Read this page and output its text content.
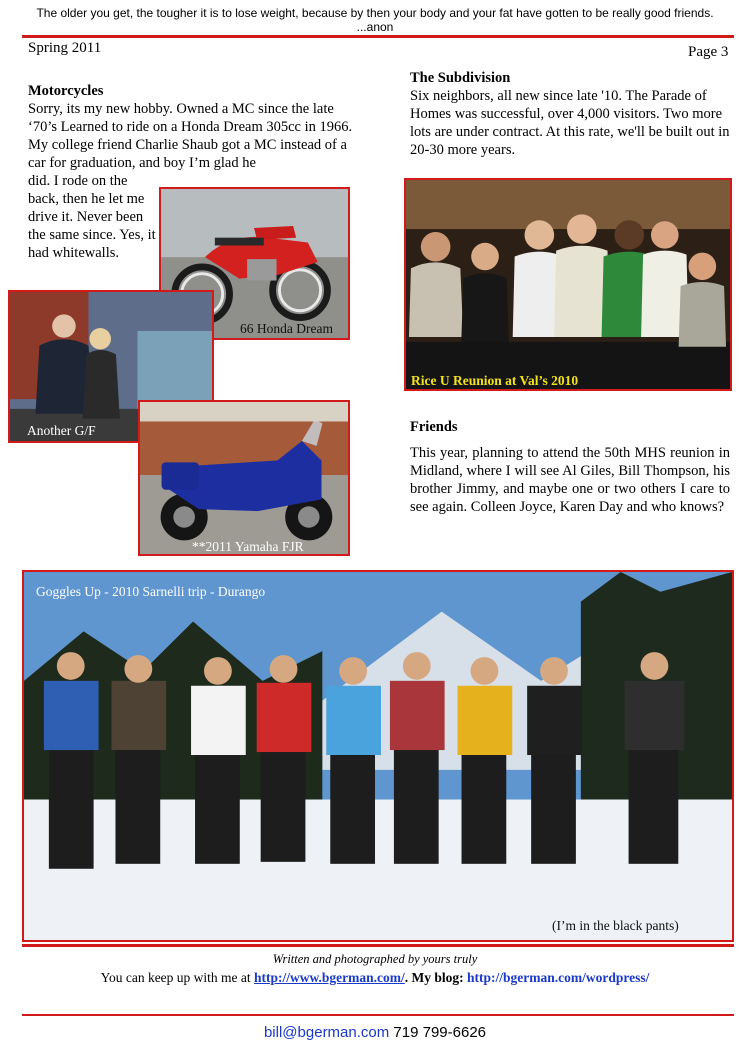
The older you get, the tougher it is to lose weight, because by then your body and your fat have gotten to be really good friends.
...anon
Spring 2011	Page 3
Motorcycles
Sorry, its my new hobby. Owned a MC since the late ‘70’s Learned to ride on a Honda Dream 305cc in 1966. My college friend Charlie Shaub got a MC instead of a car for graduation, and boy I’m glad he
did. I rode on the back, then he let me drive it. Never been the same since. Yes, it had whitewalls.
The Subdivision
Six neighbors, all new since late '10. The Parade of Homes was successful, over 4,000 visitors. Two more lots are under contract. At this rate, we'll be built out in 20-30 more years.
66 Honda Dream
Another G/F
**2011 Yamaha FJR
Rice U Reunion at Val’s 2010
Friends
This year, planning to attend the 50th MHS reunion in Midland, where I will see Al Giles, Bill Thompson, his brother Jimmy, and maybe one or two others I care to see again. Colleen Joyce, Karen Day and who knows?
Goggles Up - 2010 Sarnelli trip - Durango
(I’m in the black pants)
Written and photographed by yours truly
You can keep up with me at http://www.bgerman.com/. My blog: http://bgerman.com/wordpress/
bill@bgerman.com 719 799-6626
